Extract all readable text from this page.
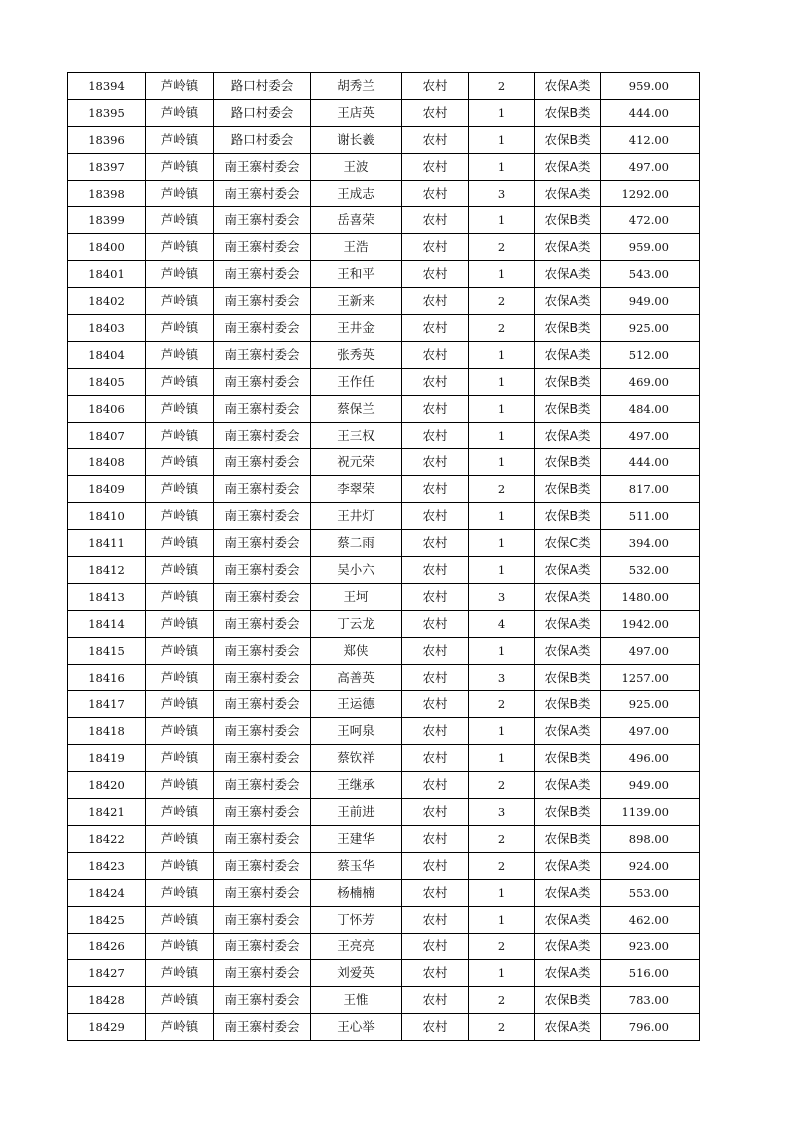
18394	芦岭镇	路口村委会	胡秀兰	农村	2	农保A类	959.00
18395	芦岭镇	路口村委会	王店英	农村	1	农保B类	444.00
18396	芦岭镇	路口村委会	谢长羲	农村	1	农保B类	412.00
18397	芦岭镇	南王寨村委会	王波	农村	1	农保A类	497.00
18398	芦岭镇	南王寨村委会	王成志	农村	3	农保A类	1292.00
18399	芦岭镇	南王寨村委会	岳喜荣	农村	1	农保B类	472.00
18400	芦岭镇	南王寨村委会	王浩	农村	2	农保A类	959.00
18401	芦岭镇	南王寨村委会	王和平	农村	1	农保A类	543.00
18402	芦岭镇	南王寨村委会	王新来	农村	2	农保A类	949.00
18403	芦岭镇	南王寨村委会	王井金	农村	2	农保B类	925.00
18404	芦岭镇	南王寨村委会	张秀英	农村	1	农保A类	512.00
18405	芦岭镇	南王寨村委会	王作任	农村	1	农保B类	469.00
18406	芦岭镇	南王寨村委会	蔡保兰	农村	1	农保B类	484.00
18407	芦岭镇	南王寨村委会	王三权	农村	1	农保A类	497.00
18408	芦岭镇	南王寨村委会	祝元荣	农村	1	农保B类	444.00
18409	芦岭镇	南王寨村委会	李翠荣	农村	2	农保B类	817.00
18410	芦岭镇	南王寨村委会	王井灯	农村	1	农保B类	511.00
18411	芦岭镇	南王寨村委会	蔡二雨	农村	1	农保C类	394.00
18412	芦岭镇	南王寨村委会	吴小六	农村	1	农保A类	532.00
18413	芦岭镇	南王寨村委会	王坷	农村	3	农保A类	1480.00
18414	芦岭镇	南王寨村委会	丁云龙	农村	4	农保A类	1942.00
18415	芦岭镇	南王寨村委会	郑侠	农村	1	农保A类	497.00
18416	芦岭镇	南王寨村委会	高善英	农村	3	农保B类	1257.00
18417	芦岭镇	南王寨村委会	王运德	农村	2	农保B类	925.00
18418	芦岭镇	南王寨村委会	王呵泉	农村	1	农保A类	497.00
18419	芦岭镇	南王寨村委会	蔡钦祥	农村	1	农保B类	496.00
18420	芦岭镇	南王寨村委会	王继承	农村	2	农保A类	949.00
18421	芦岭镇	南王寨村委会	王前进	农村	3	农保B类	1139.00
18422	芦岭镇	南王寨村委会	王建华	农村	2	农保B类	898.00
18423	芦岭镇	南王寨村委会	蔡玉华	农村	2	农保A类	924.00
18424	芦岭镇	南王寨村委会	杨楠楠	农村	1	农保A类	553.00
18425	芦岭镇	南王寨村委会	丁怀芳	农村	1	农保A类	462.00
18426	芦岭镇	南王寨村委会	王亮亮	农村	2	农保A类	923.00
18427	芦岭镇	南王寨村委会	刘爱英	农村	1	农保A类	516.00
18428	芦岭镇	南王寨村委会	王惟	农村	2	农保B类	783.00
18429	芦岭镇	南王寨村委会	王心举	农村	2	农保A类	796.00
